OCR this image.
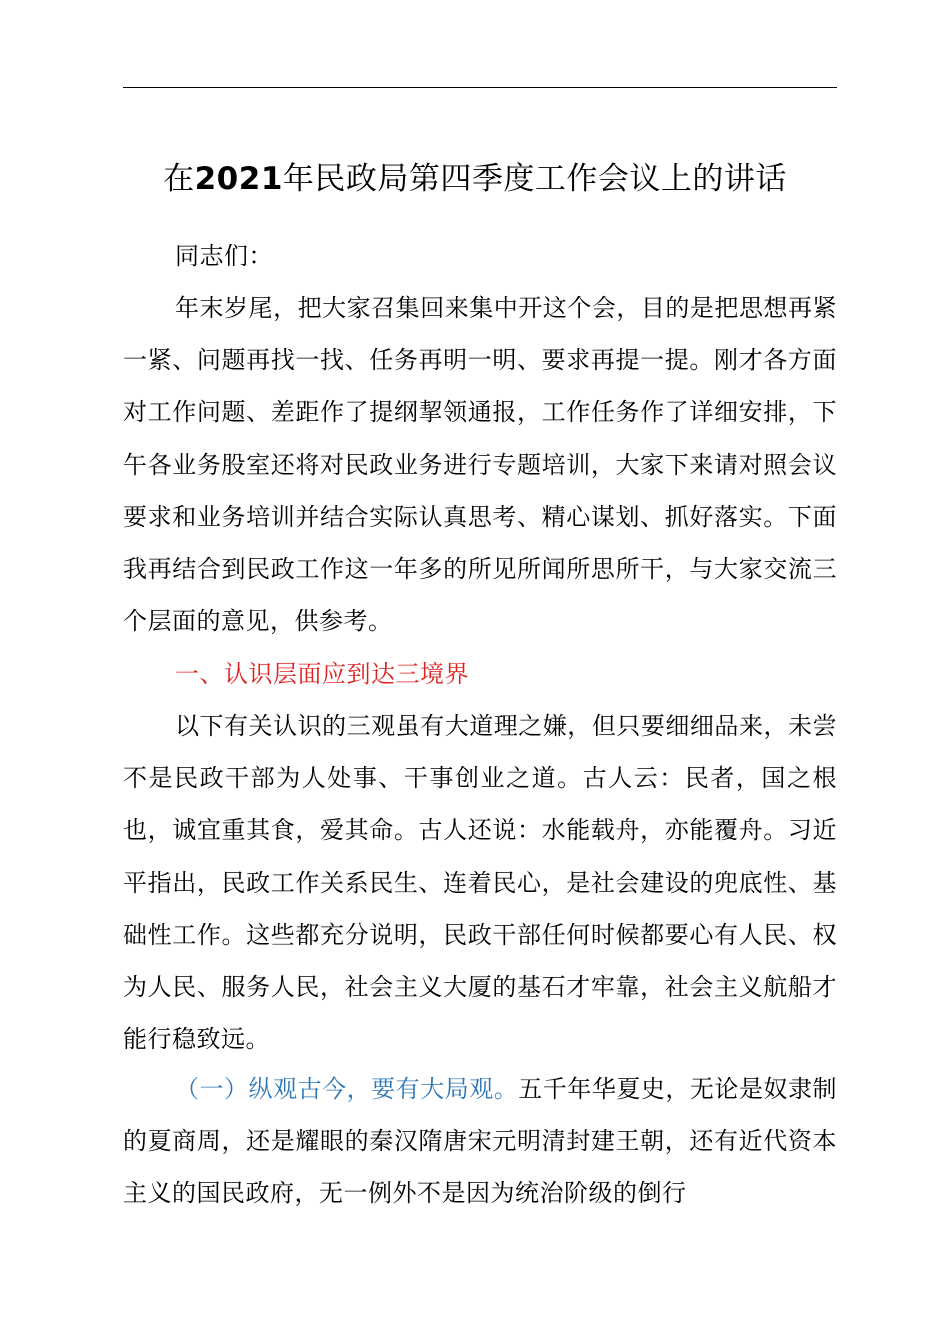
在2021年民政局第四季度工作会议上的讲话

同志们：

年末岁尾，把大家召集回来集中开这个会，目的是把思想再紧一紧、问题再找一找、任务再明一明、要求再提一提。刚才各方面对工作问题、差距作了提纲挈领通报，工作任务作了详细安排，下午各业务股室还将对民政业务进行专题培训，大家下来请对照会议要求和业务培训并结合实际认真思考、精心谋划、抓好落实。下面我再结合到民政工作这一年多的所见所闻所思所干，与大家交流三个层面的意见，供参考。

一、认识层面应到达三境界

以下有关认识的三观虽有大道理之嫌，但只要细细品来，未尝不是民政干部为人处事、干事创业之道。古人云：民者，国之根也，诚宜重其食，爱其命。古人还说：水能载舟，亦能覆舟。习近平指出，民政工作关系民生、连着民心，是社会建设的兜底性、基础性工作。这些都充分说明，民政干部任何时候都要心有人民、权为人民、服务人民，社会主义大厦的基石才牢靠，社会主义航船才能行稳致远。

（一）纵观古今，要有大局观。五千年华夏史，无论是奴隶制的夏商周，还是耀眼的秦汉隋唐宋元明清封建王朝，还有近代资本主义的国民政府，无一例外不是因为统治阶级的倒行
